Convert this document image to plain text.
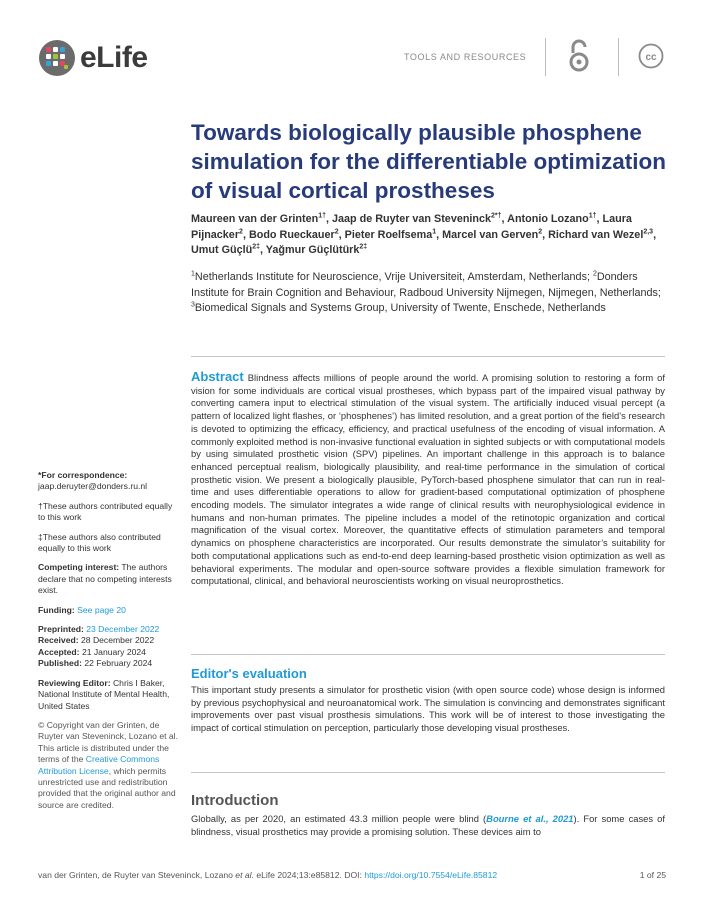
eLife	TOOLS AND RESOURCES	cc
Towards biologically plausible phosphene simulation for the differentiable optimization of visual cortical prostheses
Maureen van der Grinten$^{1\dagger}$, Jaap de Ruyter van Steveninck$^{2*\dagger}$, Antonio Lozano$^{1\dagger}$, Laura Pijnacker$^2$, Bodo Rueckauer$^2$, Pieter Roelfsema$^1$, Marcel van Gerven$^2$, Richard van Wezel$^{2,3}$, Umut Güçlü$^{2\ddagger}$, Yağmur Güçlütürk$^{2\ddagger}$
$^1$Netherlands Institute for Neuroscience, Vrije Universiteit, Amsterdam, Netherlands; $^2$Donders Institute for Brain Cognition and Behaviour, Radboud University Nijmegen, Nijmegen, Netherlands; $^3$Biomedical Signals and Systems Group, University of Twente, Enschede, Netherlands
Abstract Blindness affects millions of people around the world. A promising solution to restoring a form of vision for some individuals are cortical visual prostheses, which bypass part of the impaired visual pathway by converting camera input to electrical stimulation of the visual system. The artificially induced visual percept (a pattern of localized light flashes, or ‘phosphenes’) has limited resolution, and a great portion of the field’s research is devoted to optimizing the efficacy, efficiency, and practical usefulness of the encoding of visual information. A commonly exploited method is non-invasive functional evaluation in sighted subjects or with computational models by using simulated prosthetic vision (SPV) pipelines. An important challenge in this approach is to balance enhanced perceptual realism, biologically plausibility, and real-time performance in the simulation of cortical prosthetic vision. We present a biologically plausible, PyTorch-based phosphene simulator that can run in real-time and uses differentiable operations to allow for gradient-based computational optimization of phosphene encoding models. The simulator integrates a wide range of clinical results with neurophysiological evidence in humans and non-human primates. The pipeline includes a model of the retinotopic organization and cortical magnification of the visual cortex. Moreover, the quantitative effects of stimulation parameters and temporal dynamics on phosphene characteristics are incorporated. Our results demonstrate the simulator’s suitability for both computational applications such as end-to-end deep learning-based prosthetic vision optimization as well as behavioral experiments. The modular and open-source software provides a flexible simulation framework for computational, clinical, and behavioral neuroscientists working on visual neuroprosthetics.
Editor's evaluation
This important study presents a simulator for prosthetic vision (with open source code) whose design is informed by previous psychophysical and neuroanatomical work. The simulation is convincing and demonstrates significant improvements over past visual prosthesis simulations. This work will be of interest to those investigating the impact of cortical stimulation on perception, particularly those developing visual prostheses.
Introduction
Globally, as per 2020, an estimated 43.3 million people were blind (Bourne et al., 2021). For some cases of blindness, visual prosthetics may provide a promising solution. These devices aim to
*For correspondence:
jaap.deruyter@donders.ru.nl
†These authors contributed equally to this work
‡These authors also contributed equally to this work
Competing interest: The authors declare that no competing interests exist.
Funding: See page 20
Preprinted: 23 December 2022
Received: 28 December 2022
Accepted: 21 January 2024
Published: 22 February 2024
Reviewing Editor: Chris I Baker, National Institute of Mental Health, United States
© Copyright van der Grinten, de Ruyter van Steveninck, Lozano et al. This article is distributed under the terms of the Creative Commons Attribution License, which permits unrestricted use and redistribution provided that the original author and source are credited.
van der Grinten, de Ruyter van Steveninck, Lozano et al. eLife 2024;13:e85812. DOI: https://doi.org/10.7554/eLife.85812	1 of 25
